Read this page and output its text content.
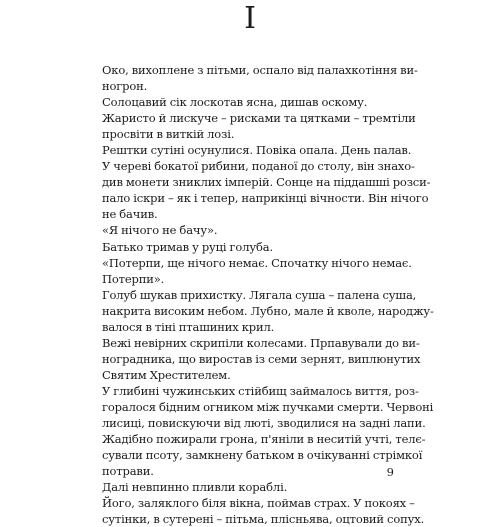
I
Око, вихоплене з пітьми, оспало від палахкотіння ви-
ногрон.
Солоцавий сік лоскотав ясна, дишав оскому.
Жаристо й лискуче – рисками та цятками – тремтіли
просвіти в виткій лозі.
Рештки сутіні осунулися. Повіка опала. День палав.
У череві бокатої рибини, поданої до столу, він знахо-
див монети зниклих імперій. Сонце на піддашші розси-
пало іскри – як і тепер, наприкінці вічности. Він нічого
не бачив.
«Я нічого не бачу».
Батько тримав у руці голуба.
«Потерпи, ще нічого немає. Спочатку нічого немає.
Потерпи».
Голуб шукав прихистку. Лягала суша – палена суша,
накрита високим небом. Лубно, мале й кволе, народжу-
валося в тіні пташиних крил.
Вежі невірних скрипіли колесами. Прпавували до ви-
ноградника, що виростав із семи зернят, виплюнутих
Святим Хрестителем.
У глибині чужинських стійбищ займалось виття, роз-
горалося бідним огником між пучками смерти. Червоні
лисиці, повискуючи від люті, зводилися на задні лапи.
Жадібно пожирали грона, п'яніли в неситій учті, телє-
сували псоту, замкнену батьком в очікуванні стрімкої
потрави.
Далі невпинно пливли кораблі.
Його, заляклого біля вікна, поймав страх. У покоях –
сутінки, в сутерені – пітьма, плісньява, оцтовий сопух.
9
